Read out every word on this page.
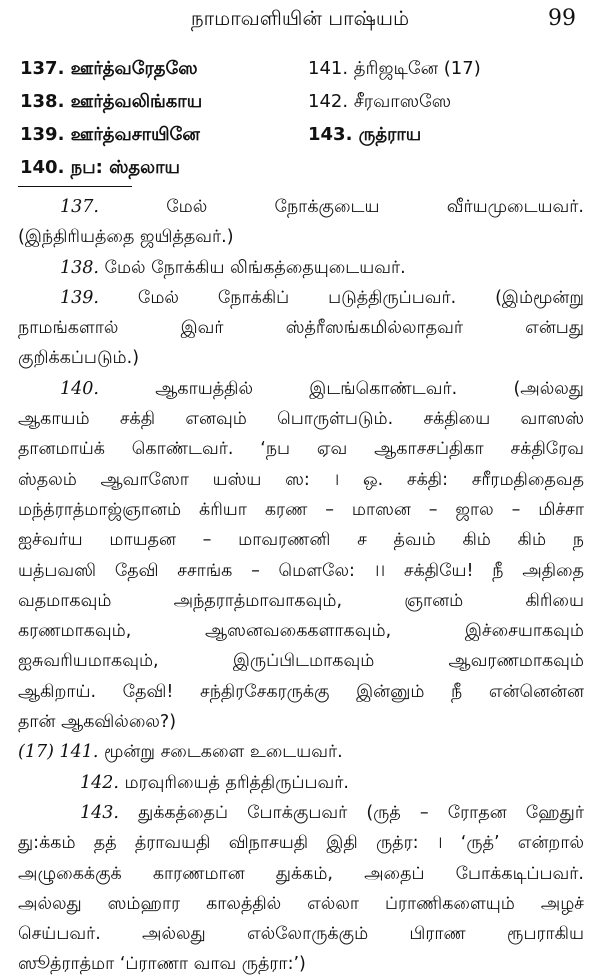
நாமாவளியின் பாஷ்யம்	99
137. ஊர்த்வரேதஸே	141. த்ரிஜடினே (17)
138. ஊர்த்வலிங்காய	142. சீரவாஸஸே
139. ஊர்த்வசாயினே	143. ருத்ராய
140. நப: ஸ்தலாய
137.	மேல் நோக்குடைய வீர்யமுடையவர்.
(இந்திரியத்தை ஜயித்தவர்.)
138. மேல் நோக்கிய லிங்கத்தையுடையவர்.
139. மேல் நோக்கிப் படுத்திருப்பவர். (இம்மூன்று
நாமங்களால் இவர் ஸ்த்ரீஸங்கமில்லாதவர் என்பது
குறிக்கப்படும்.)
140.	ஆகாயத்தில் இடங்கொண்டவர். (அல்லது
ஆகாயம் சக்தி எனவும் பொருள்படும். சக்தியை வாஸஸ்
தானமாய்க் கொண்டவர். ‘நப ஏவ ஆகாசசப்திகா சக்திரேவ
ஸ்தலம் ஆவாஸோ யஸ்ய ஸ: । ஒ. சக்தி: சரீரமதிதைவத
மந்த்ராத்மாஜ்ஞானம் க்ரியா கரண – மாஸன – ஜால – மிச்சா
ஐச்வர்ய மாயதன – மாவரணனி ச த்வம் கிம் கிம் ந
யத்பவஸி தேவி சசாங்க – மௌலே: ।। சக்தியே! நீ அதிதை
வதமாகவும் அந்தராத்மாவாகவும், ஞானம் கிரியை
கரணமாகவும், ஆஸனவகைகளாகவும், இச்சையாகவும்
ஐசுவரியமாகவும், இருப்பிடமாகவும் ஆவரணமாகவும்
ஆகிறாய். தேவி! சந்திரசேகரருக்கு இன்னும் நீ என்னென்ன
தான் ஆகவில்லை?)
(17) 141. மூன்று சடைகளை உடையவர்.
142. மரவுரியைத் தரித்திருப்பவர்.
143. துக்கத்தைப் போக்குபவர் (ருத் – ரோதன ஹேதுர்
து:க்கம் தத் த்ராவயதி விநாசயதி இதி ருத்ர: । ‘ருத்’ என்றால்
அழுகைக்குக் காரணமான துக்கம், அதைப் போக்கடிப்பவர்.
அல்லது ஸம்ஹார காலத்தில் எல்லா ப்ராணிகளையும் அழச்
செய்பவர். அல்லது எல்லோருக்கும் பிராண ரூபராகிய
ஸூத்ராத்மா ‘ப்ராணா வாவ ருத்ரா:’)
